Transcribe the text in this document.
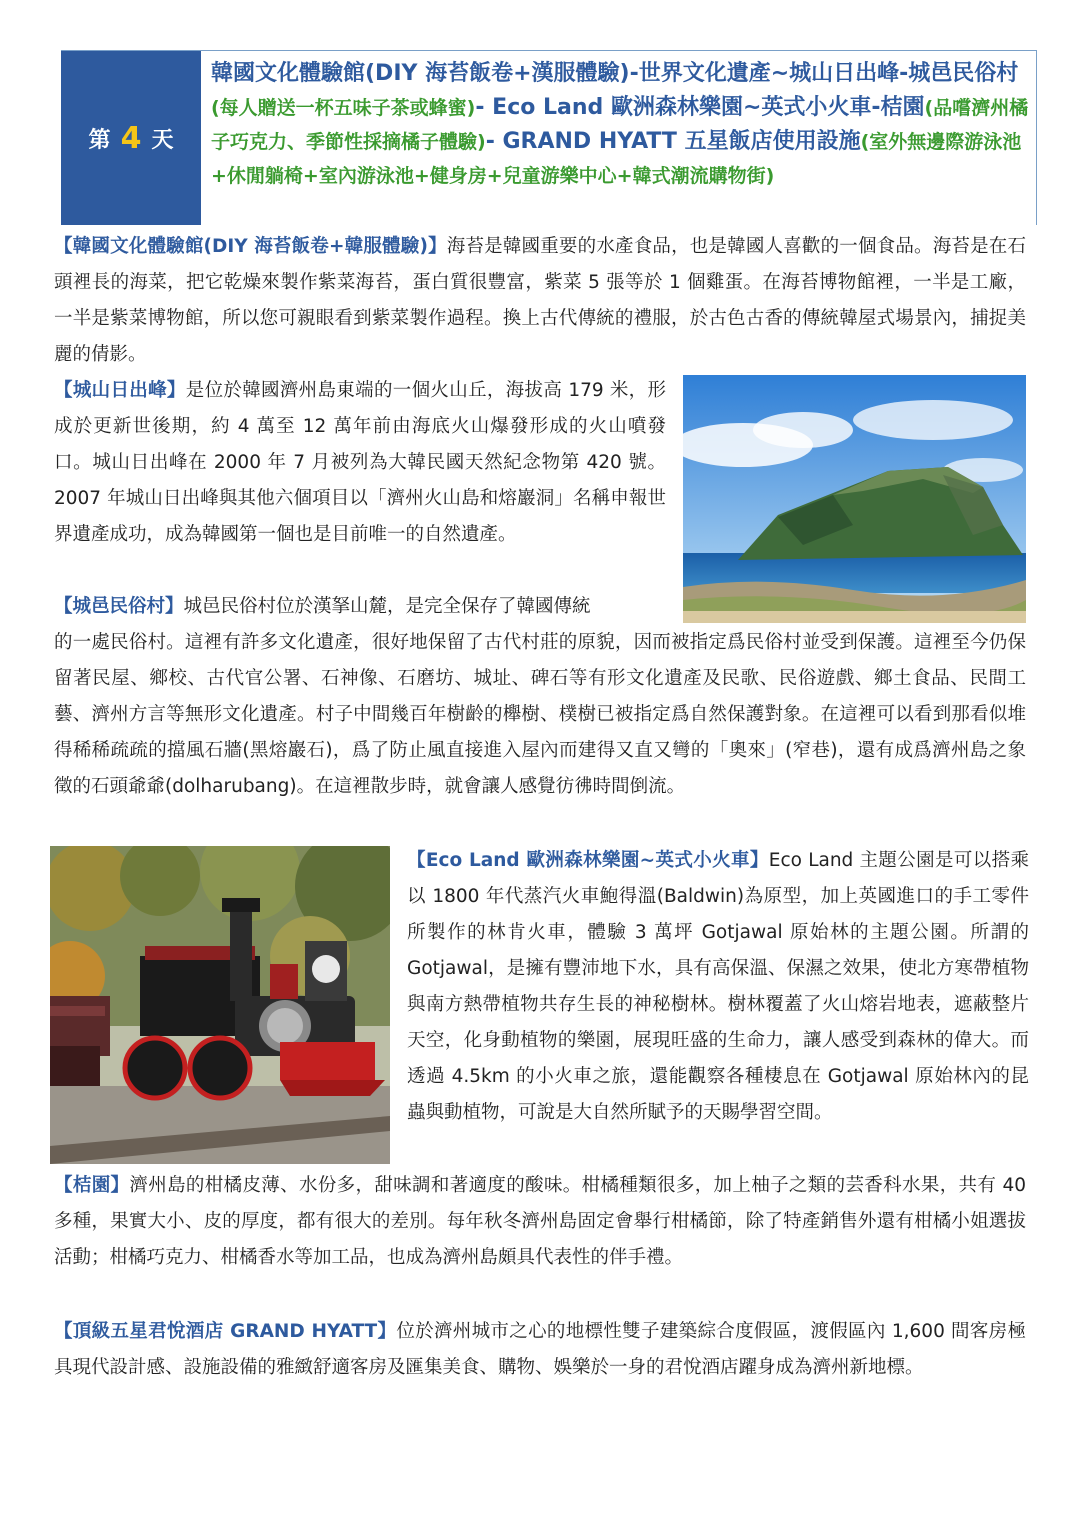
第 4 天
韓國文化體驗館(DIY 海苔飯卷+漢服體驗)-世界文化遺產~城山日出峰-城邑民俗村(每人贈送一杯五味子茶或蜂蜜)- Eco Land 歐洲森林樂園~英式小火車-桔園(品嚐濟州橘子巧克力、季節性採摘橘子體驗)- GRAND HYATT 五星飯店使用設施(室外無邊際游泳池+休閒躺椅+室內游泳池+健身房+兒童游樂中心+韓式潮流購物街)
【韓國文化體驗館(DIY 海苔飯卷+韓服體驗)】海苔是韓國重要的水產食品，也是韓國人喜歡的一個食品。海苔是在石頭裡長的海菜，把它乾燥來製作紫菜海苔，蛋白質很豐富，紫菜 5 張等於 1 個雞蛋。在海苔博物館裡，一半是工廠，一半是紫菜博物館，所以您可親眼看到紫菜製作過程。換上古代傳統的禮服，於古色古香的傳統韓屋式場景內，捕捉美麗的倩影。
【城山日出峰】是位於韓國濟州島東端的一個火山丘，海拔高 179 米，形成於更新世後期，約 4 萬至 12 萬年前由海底火山爆發形成的火山噴發口。城山日出峰在 2000 年 7 月被列為大韓民國天然紀念物第 420 號。2007 年城山日出峰與其他六個項目以「濟州火山島和熔巖洞」名稱申報世界遺產成功，成為韓國第一個也是目前唯一的自然遺產。
【城邑民俗村】城邑民俗村位於漢拏山麓，是完全保存了韓國傳統
的一處民俗村。這裡有許多文化遺產，很好地保留了古代村莊的原貌，因而被指定爲民俗村並受到保護。這裡至今仍保留著民屋、鄉校、古代官公署、石神像、石磨坊、城址、碑石等有形文化遺產及民歌、民俗遊戲、鄉土食品、民間工藝、濟州方言等無形文化遺產。村子中間幾百年樹齡的櫸樹、樸樹已被指定爲自然保護對象。在這裡可以看到那看似堆得稀稀疏疏的擋風石牆(黑熔巖石)，爲了防止風直接進入屋內而建得又直又彎的「奧來」(窄巷)，還有成爲濟州島之象徵的石頭爺爺(dolharubang)。在這裡散步時，就會讓人感覺彷彿時間倒流。
【Eco Land 歐洲森林樂園~英式小火車】Eco Land 主題公園是可以搭乘以 1800 年代蒸汽火車鮑得溫(Baldwin)為原型，加上英國進口的手工零件所製作的林肯火車，體驗 3 萬坪 Gotjawal 原始林的主題公園。所謂的 Gotjawal，是擁有豐沛地下水，具有高保溫、保濕之效果，使北方寒帶植物與南方熱帶植物共存生長的神秘樹林。樹林覆蓋了火山熔岩地表，遮蔽整片天空，化身動植物的樂園，展現旺盛的生命力，讓人感受到森林的偉大。而透過 4.5km 的小火車之旅，還能觀察各種棲息在 Gotjawal 原始林內的昆蟲與動植物，可說是大自然所賦予的天賜學習空間。
【桔園】濟州島的柑橘皮薄、水份多，甜味調和著適度的酸味。柑橘種類很多，加上柚子之類的芸香科水果，共有 40 多種，果實大小、皮的厚度，都有很大的差別。每年秋冬濟州島固定會舉行柑橘節，除了特產銷售外還有柑橘小姐選拔活動；柑橘巧克力、柑橘香水等加工品，也成為濟州島頗具代表性的伴手禮。
【頂級五星君悅酒店 GRAND HYATT】位於濟州城市之心的地標性雙子建築綜合度假區，渡假區內 1,600 間客房極具現代設計感、設施設備的雅緻舒適客房及匯集美食、購物、娛樂於一身的君悅酒店躍身成為濟州新地標。
